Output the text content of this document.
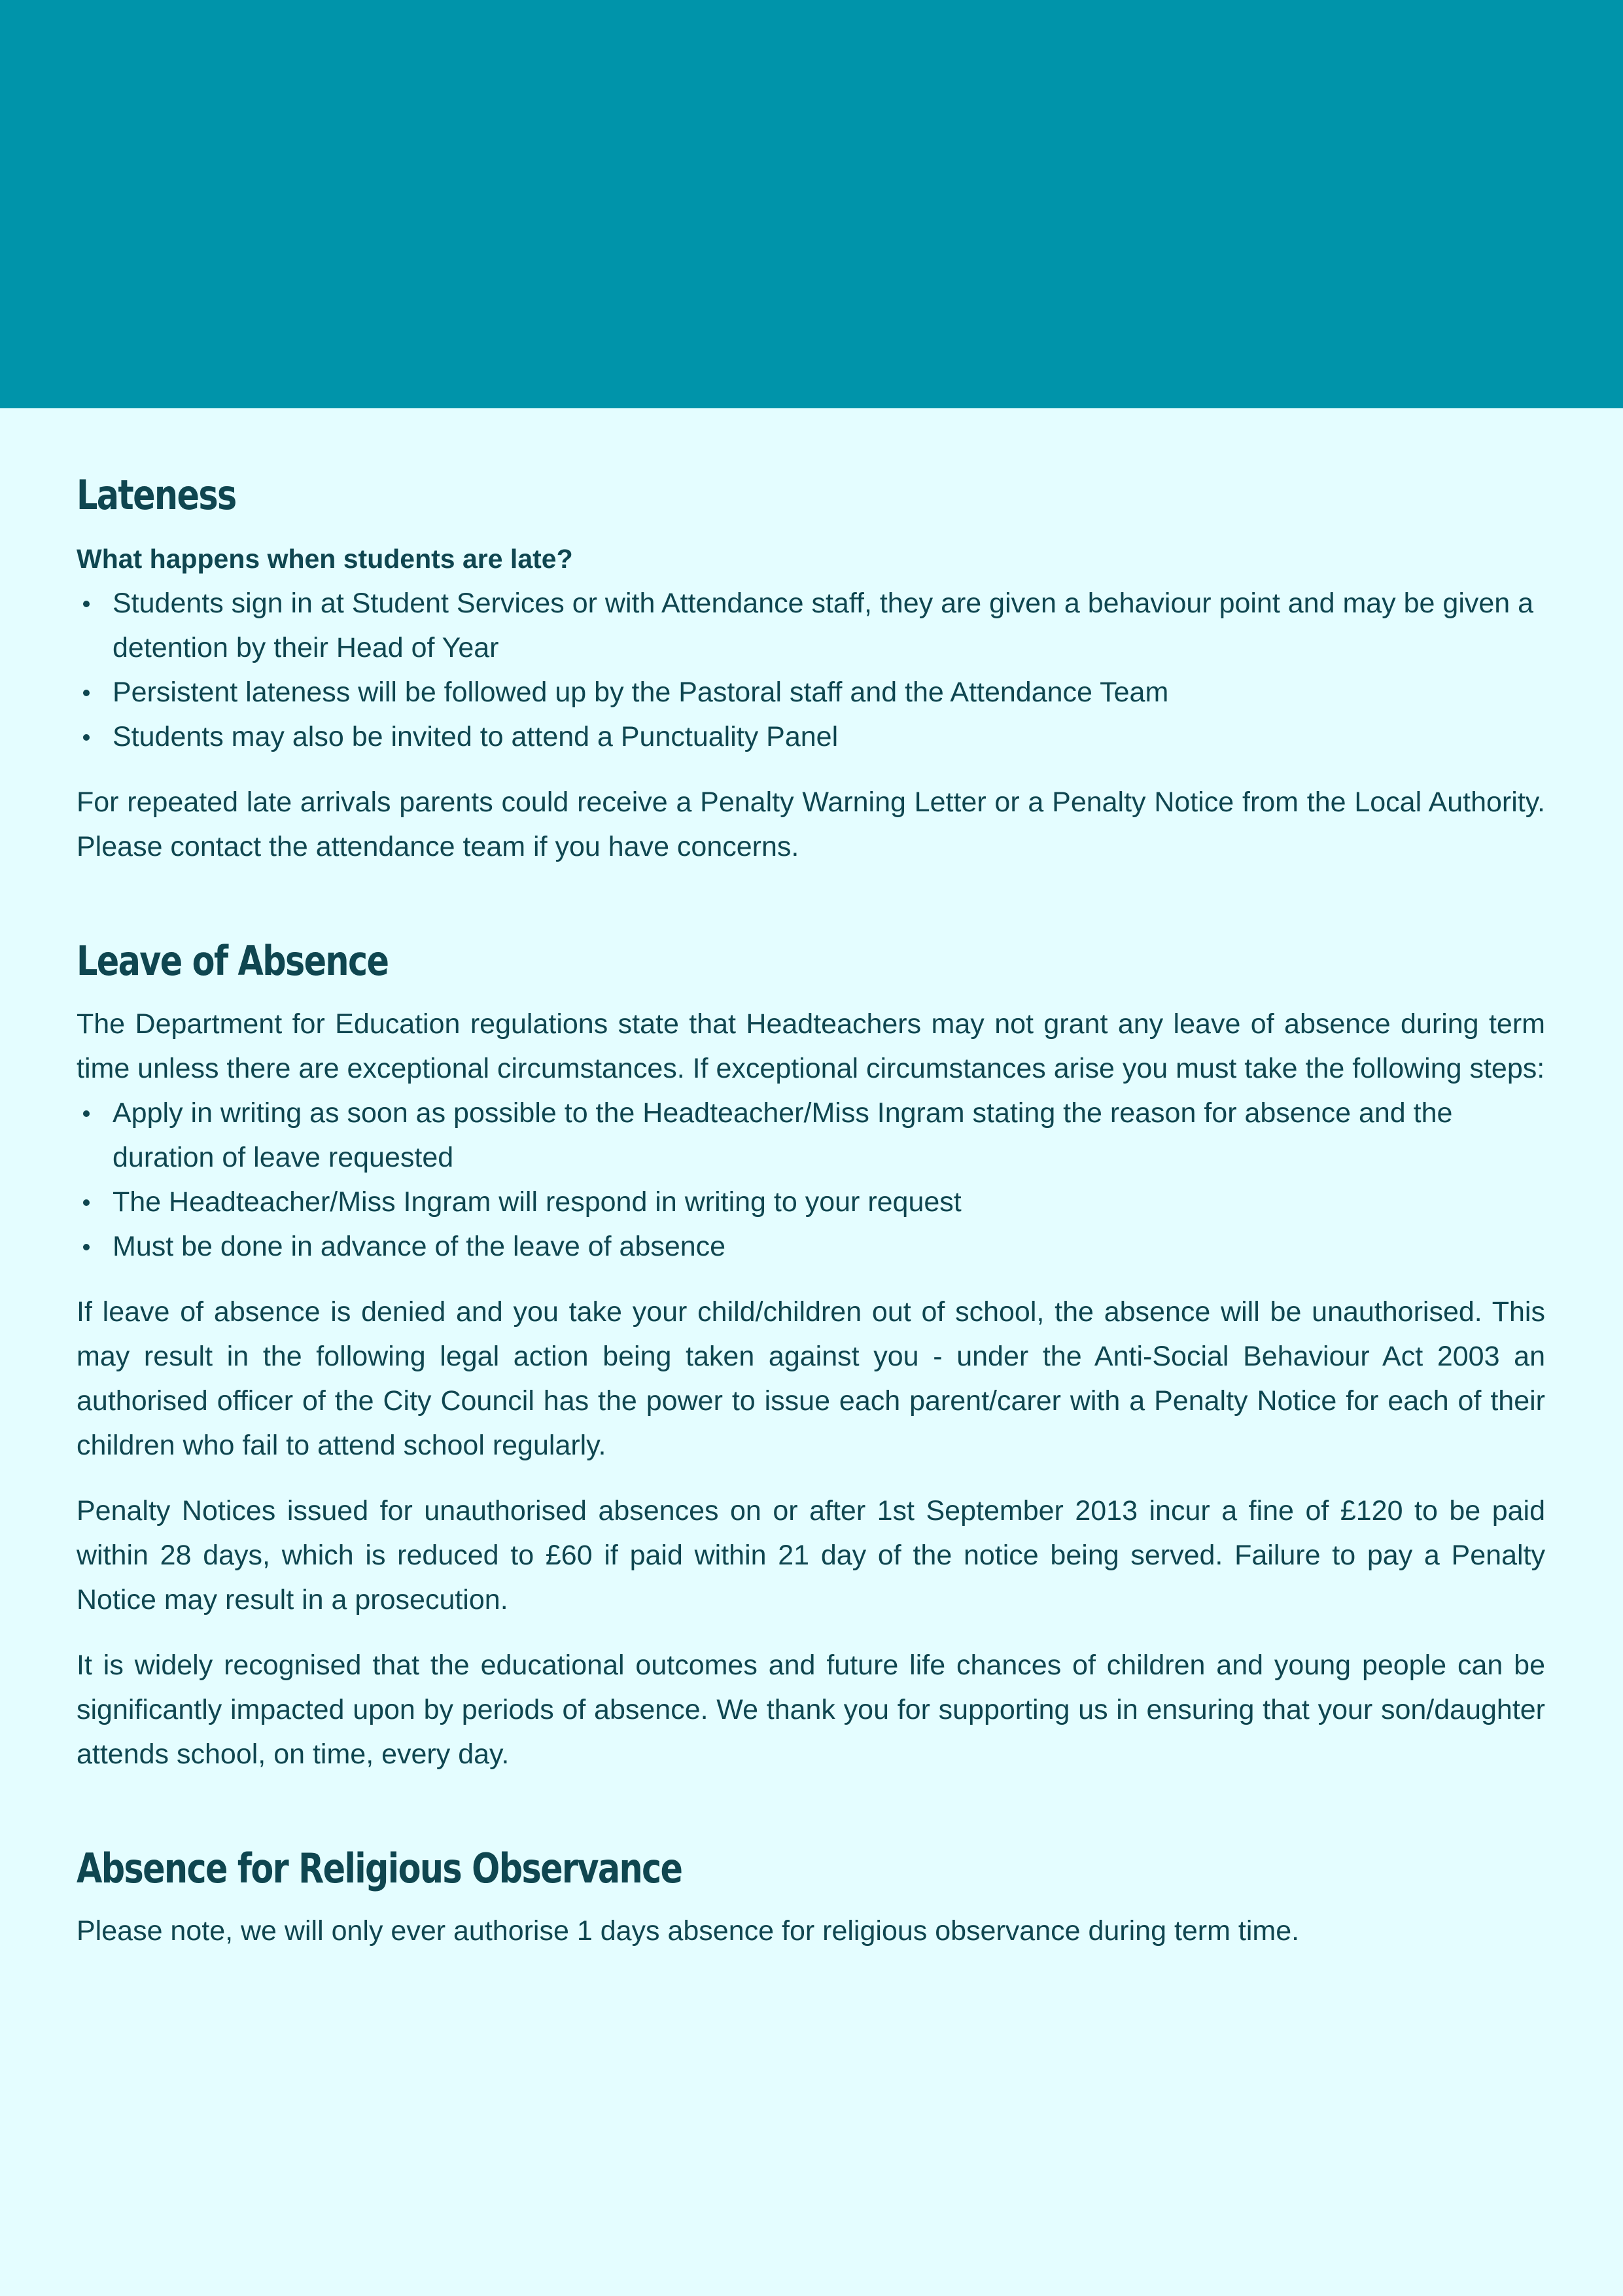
Lateness
What happens when students are late?
Students sign in at Student Services or with Attendance staff, they are given a behaviour point and may be given a detention by their Head of Year
Persistent lateness will be followed up by the Pastoral staff and the Attendance Team
Students may also be invited to attend a Punctuality Panel

For repeated late arrivals parents could receive a Penalty Warning Letter or a Penalty Notice from the Local Authority. Please contact the attendance team if you have concerns.

Leave of Absence

The Department for Education regulations state that Headteachers may not grant any leave of absence during term time unless there are exceptional circumstances. If exceptional circumstances arise you must take the following steps:

Apply in writing as soon as possible to the Headteacher/Miss Ingram stating the reason for absence and the duration of leave requested
The Headteacher/Miss Ingram will respond in writing to your request
Must be done in advance of the leave of absence

If leave of absence is denied and you take your child/children out of school, the absence will be unauthorised. This may result in the following legal action being taken against you - under the Anti-Social Behaviour Act 2003 an authorised officer of the City Council has the power to issue each parent/carer with a Penalty Notice for each of their children who fail to attend school regularly.

Penalty Notices issued for unauthorised absences on or after 1st September 2013 incur a fine of £120 to be paid within 28 days, which is reduced to £60 if paid within 21 day of the notice being served. Failure to pay a Penalty Notice may result in a prosecution.

It is widely recognised that the educational outcomes and future life chances of children and young people can be significantly impacted upon by periods of absence. We thank you for supporting us in ensuring that your son/daughter attends school, on time, every day.

Absence for Religious Observance

Please note, we will only ever authorise 1 days absence for religious observance during term time.
